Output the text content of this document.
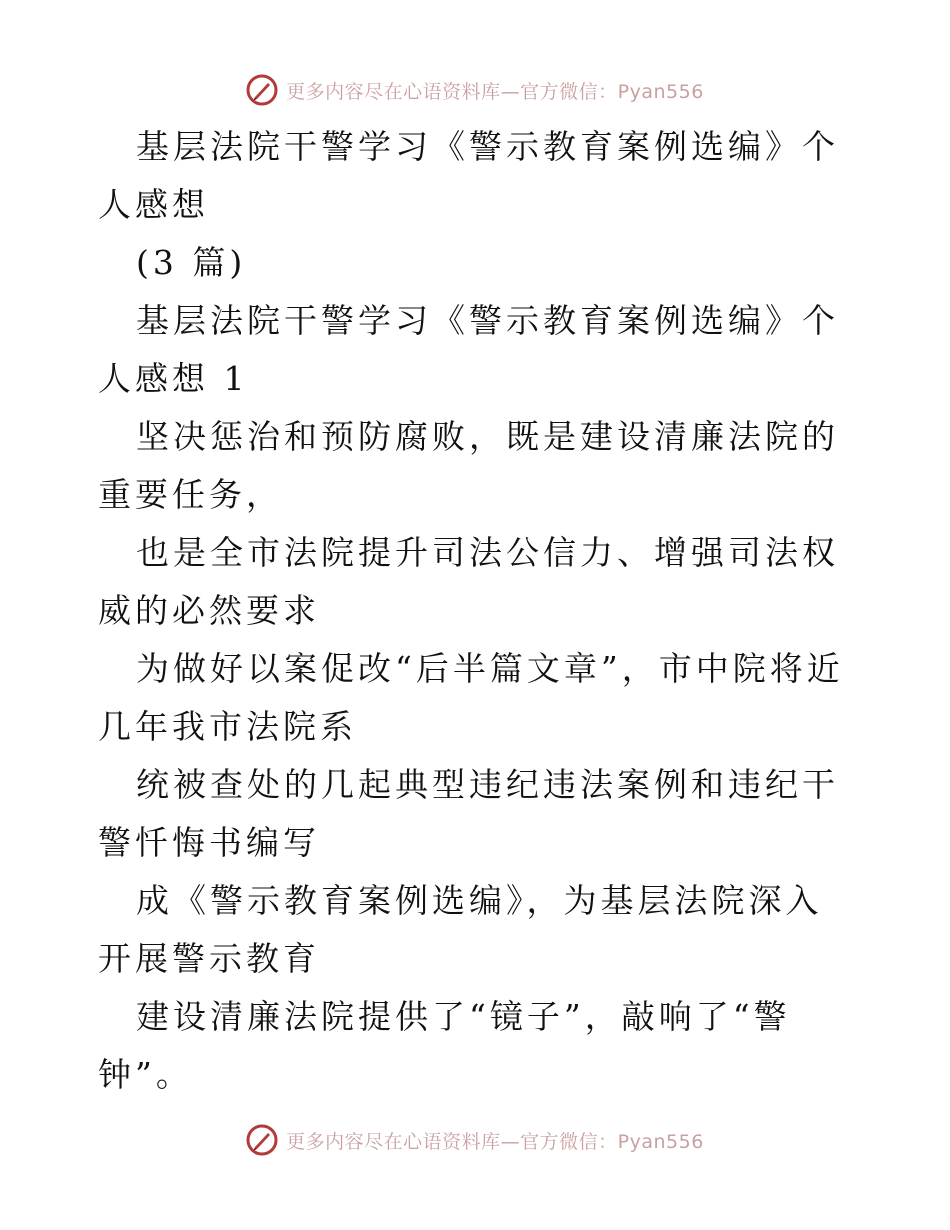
更多内容尽在心语资料库—官方微信：Pyan556

基层法院干警学习《警示教育案例选编》个人感想

(3 篇)

基层法院干警学习《警示教育案例选编》个人感想 1

坚决惩治和预防腐败，既是建设清廉法院的重要任务，

也是全市法院提升司法公信力、增强司法权威的必然要求

为做好以案促改“后半篇文章”，市中院将近几年我市法院系

统被查处的几起典型违纪违法案例和违纪干警忏悔书编写

成《警示教育案例选编》，为基层法院深入开展警示教育

建设清廉法院提供了“镜子”，敲响了“警钟”。

更多内容尽在心语资料库—官方微信：Pyan556
